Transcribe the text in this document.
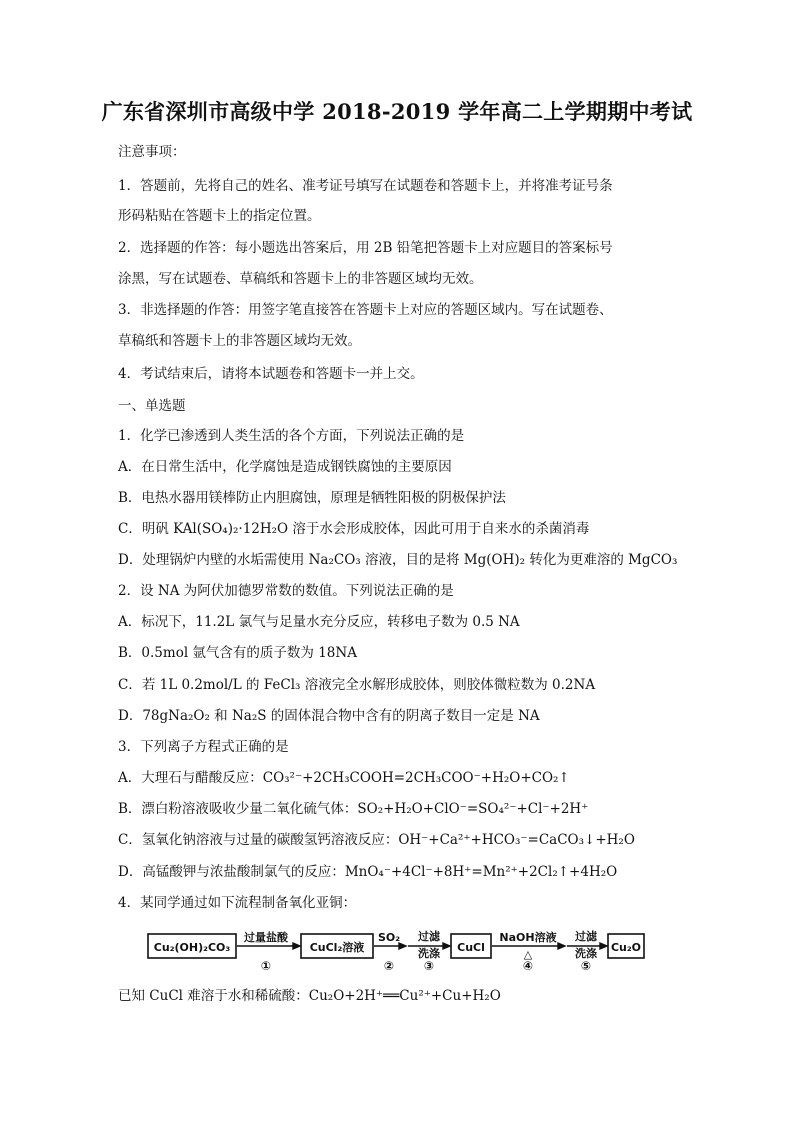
广东省深圳市高级中学 2018-2019 学年高二上学期期中考试
注意事项：
1．答题前，先将自己的姓名、准考证号填写在试题卷和答题卡上，并将准考证号条
形码粘贴在答题卡上的指定位置。
2．选择题的作答：每小题选出答案后，用 2B 铅笔把答题卡上对应题目的答案标号
涂黑，写在试题卷、草稿纸和答题卡上的非答题区域均无效。
3．非选择题的作答：用签字笔直接答在答题卡上对应的答题区域内。写在试题卷、
草稿纸和答题卡上的非答题区域均无效。
4．考试结束后，请将本试题卷和答题卡一并上交。
一、单选题
1．化学已渗透到人类生活的各个方面，下列说法正确的是
A．在日常生活中，化学腐蚀是造成钢铁腐蚀的主要原因
B．电热水器用镁棒防止内胆腐蚀，原理是牺牲阳极的阴极保护法
C．明矾 KAl(SO₄)₂·12H₂O 溶于水会形成胶体，因此可用于自来水的杀菌消毒
D．处理锅炉内壁的水垢需使用 Na₂CO₃ 溶液，目的是将 Mg(OH)₂ 转化为更难溶的 MgCO₃
2．设 NA 为阿伏加德罗常数的数值。下列说法正确的是
A．标况下，11.2L 氯气与足量水充分反应，转移电子数为 0.5 NA
B．0.5mol 氩气含有的质子数为 18NA
C．若 1L 0.2mol/L 的 FeCl₃ 溶液完全水解形成胶体，则胶体微粒数为 0.2NA
D．78gNa₂O₂ 和 Na₂S 的固体混合物中含有的阴离子数目一定是 NA
3．下列离子方程式正确的是
A．大理石与醋酸反应：CO₃²⁻+2CH₃COOH=2CH₃COO⁻+H₂O+CO₂↑
B．漂白粉溶液吸收少量二氧化硫气体：SO₂+H₂O+ClO⁻=SO₄²⁻+Cl⁻+2H⁺
C．氢氧化钠溶液与过量的碳酸氢钙溶液反应：OH⁻+Ca²⁺+HCO₃⁻=CaCO₃↓+H₂O
D．高锰酸钾与浓盐酸制氯气的反应：MnO₄⁻+4Cl⁻+8H⁺=Mn²⁺+2Cl₂↑+4H₂O
4．某同学通过如下流程制备氧化亚铜：
Cu₂(OH)₂CO₃	CuCl₂溶液	CuCl	Cu₂O
过量盐酸	SO₂ 过滤
洗涤
NaOH溶液
△
过滤
洗涤
①	② ③	④	⑤
已知 CuCl 难溶于水和稀硫酸：Cu₂O+2H⁺══Cu²⁺+Cu+H₂O
